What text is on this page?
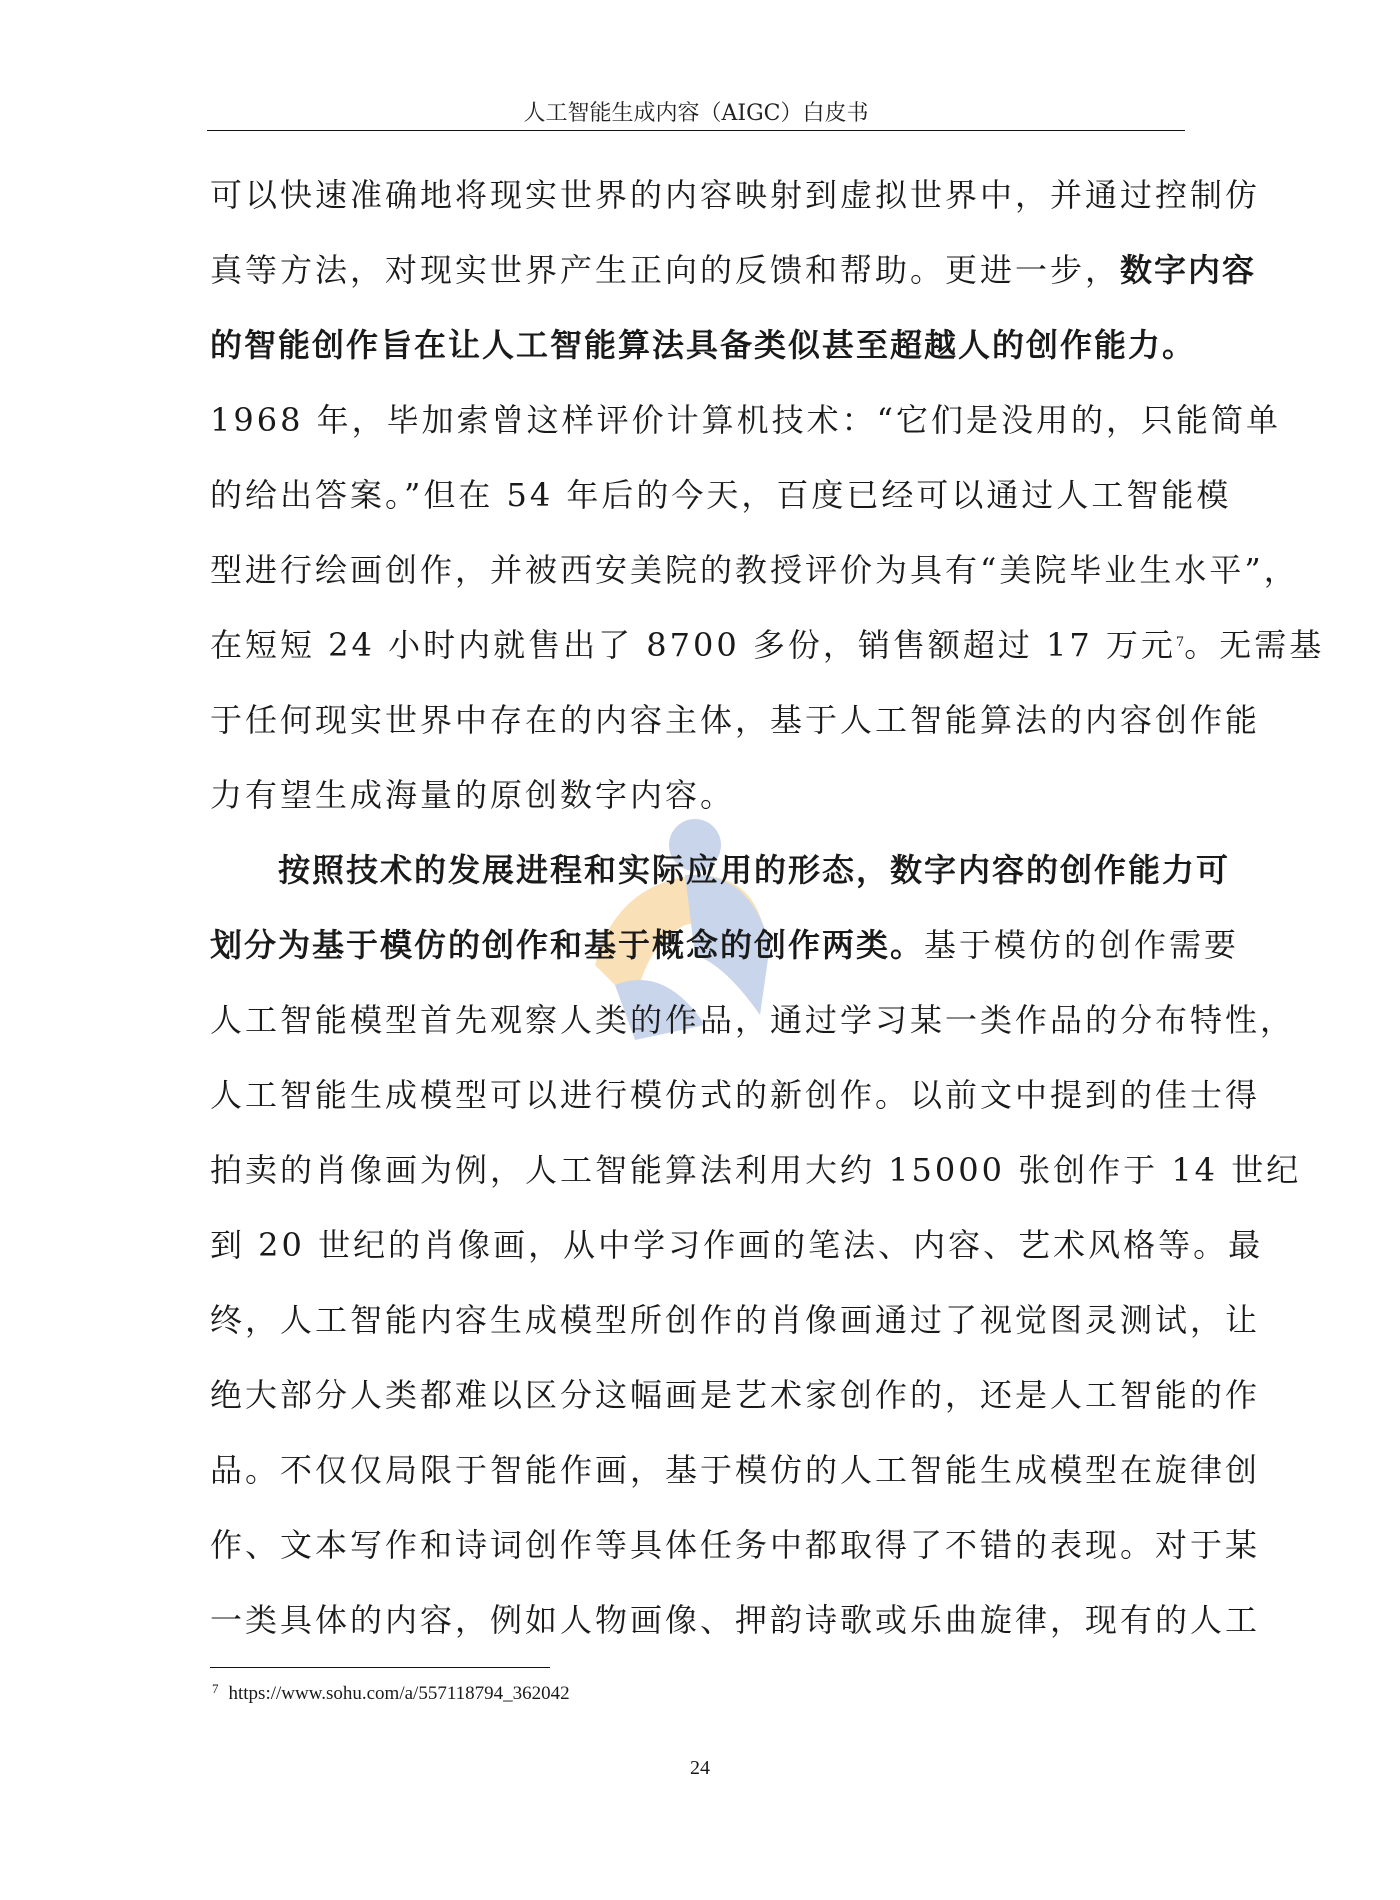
人工智能生成内容（AIGC）白皮书
可以快速准确地将现实世界的内容映射到虚拟世界中，并通过控制仿
真等方法，对现实世界产生正向的反馈和帮助。更进一步，数字内容
的智能创作旨在让人工智能算法具备类似甚至超越人的创作能力。
1968 年，毕加索曾这样评价计算机技术：“它们是没用的，只能简单
的给出答案。”但在 54 年后的今天，百度已经可以通过人工智能模
型进行绘画创作，并被西安美院的教授评价为具有“美院毕业生水平”，
在短短 24 小时内就售出了 8700 多份，销售额超过 17 万元$^7$。无需基
于任何现实世界中存在的内容主体，基于人工智能算法的内容创作能
力有望生成海量的原创数字内容。
按照技术的发展进程和实际应用的形态，数字内容的创作能力可
划分为基于模仿的创作和基于概念的创作两类。基于模仿的创作需要
人工智能模型首先观察人类的作品，通过学习某一类作品的分布特性，
人工智能生成模型可以进行模仿式的新创作。以前文中提到的佳士得
拍卖的肖像画为例，人工智能算法利用大约 15000 张创作于 14 世纪
到 20 世纪的肖像画，从中学习作画的笔法、内容、艺术风格等。最
终，人工智能内容生成模型所创作的肖像画通过了视觉图灵测试，让
绝大部分人类都难以区分这幅画是艺术家创作的，还是人工智能的作
品。不仅仅局限于智能作画，基于模仿的人工智能生成模型在旋律创
作、文本写作和诗词创作等具体任务中都取得了不错的表现。对于某
一类具体的内容，例如人物画像、押韵诗歌或乐曲旋律，现有的人工
$^7$ https://www.sohu.com/a/557118794_362042
24
